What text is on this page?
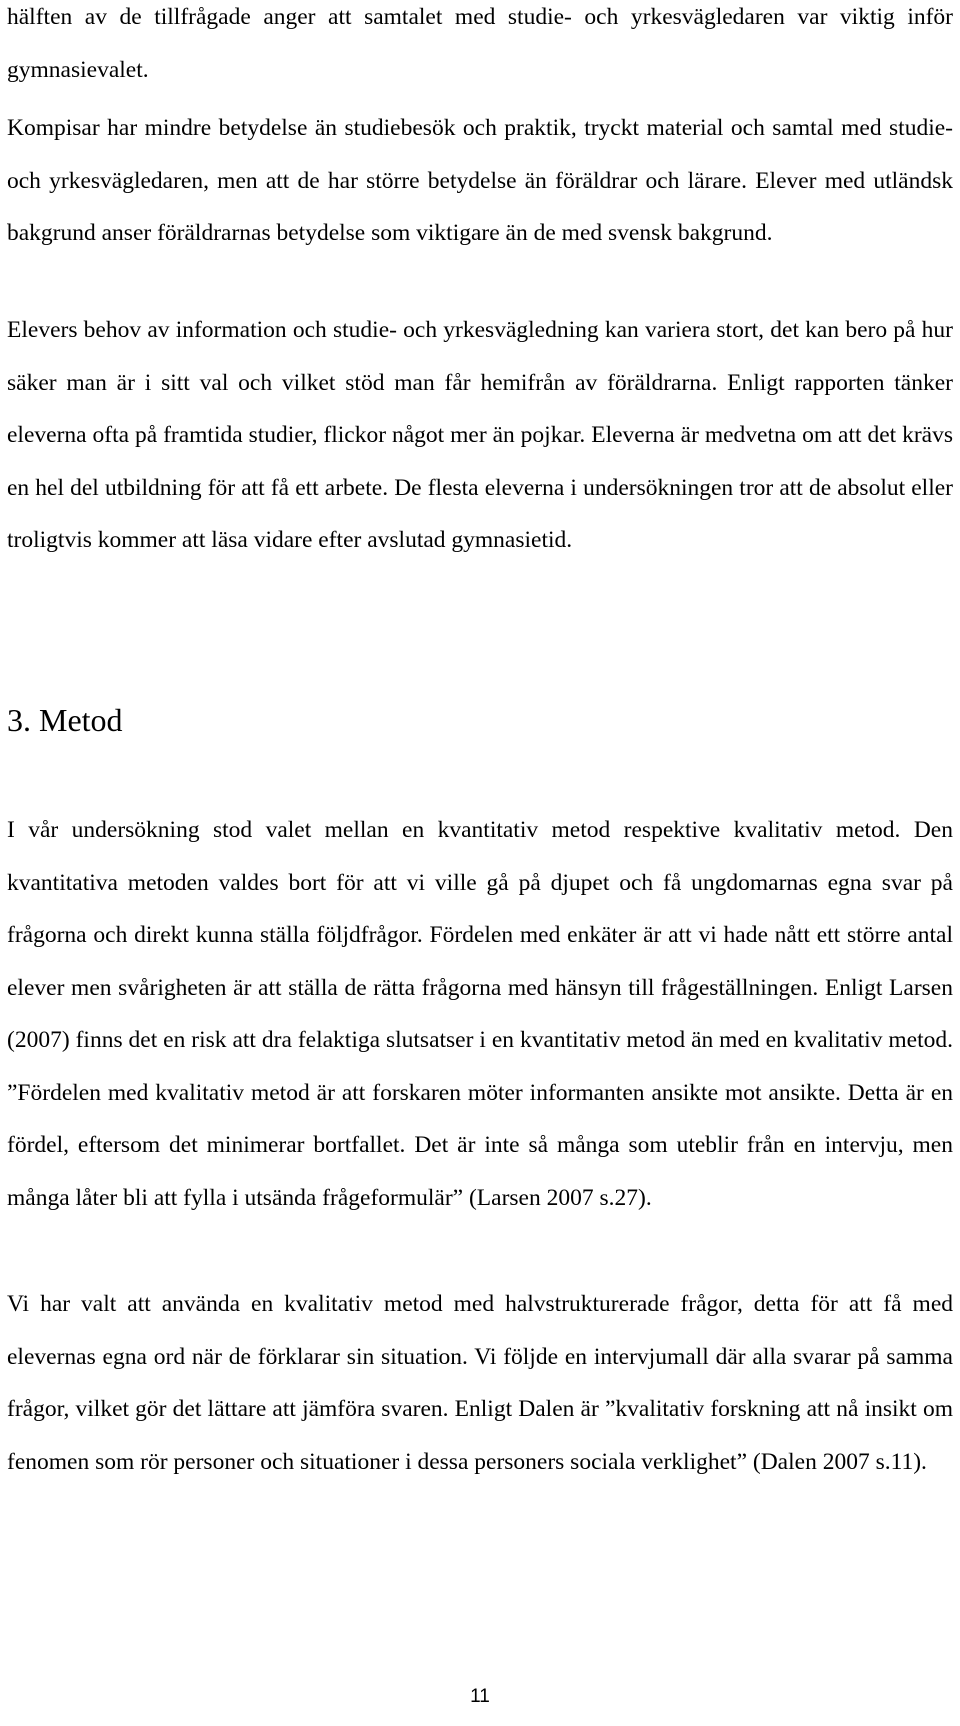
hälften av de tillfrågade anger att samtalet med studie- och yrkesvägledaren var viktig inför gymnasievalet.

Kompisar har mindre betydelse än studiebesök och praktik, tryckt material och samtal med studie- och yrkesvägledaren, men att de har större betydelse än föräldrar och lärare. Elever med utländsk bakgrund anser föräldrarnas betydelse som viktigare än de med svensk bakgrund.

Elevers behov av information och studie- och yrkesvägledning kan variera stort, det kan bero på hur säker man är i sitt val och vilket stöd man får hemifrån av föräldrarna. Enligt rapporten tänker eleverna ofta på framtida studier, flickor något mer än pojkar. Eleverna är medvetna om att det krävs en hel del utbildning för att få ett arbete. De flesta eleverna i undersökningen tror att de absolut eller troligtvis kommer att läsa vidare efter avslutad gymnasietid.

3. Metod

I vår undersökning stod valet mellan en kvantitativ metod respektive kvalitativ metod. Den kvantitativa metoden valdes bort för att vi ville gå på djupet och få ungdomarnas egna svar på frågorna och direkt kunna ställa följdfrågor. Fördelen med enkäter är att vi hade nått ett större antal elever men svårigheten är att ställa de rätta frågorna med hänsyn till frågeställningen. Enligt Larsen (2007) finns det en risk att dra felaktiga slutsatser i en kvantitativ metod än med en kvalitativ metod. ”Fördelen med kvalitativ metod är att forskaren möter informanten ansikte mot ansikte. Detta är en fördel, eftersom det minimerar bortfallet. Det är inte så många som uteblir från en intervju, men många låter bli att fylla i utsända frågeformulär” (Larsen 2007 s.27).

Vi har valt att använda en kvalitativ metod med halvstrukturerade frågor, detta för att få med elevernas egna ord när de förklarar sin situation. Vi följde en intervjumall där alla svarar på samma frågor, vilket gör det lättare att jämföra svaren. Enligt Dalen är ”kvalitativ forskning att nå insikt om fenomen som rör personer och situationer i dessa personers sociala verklighet” (Dalen 2007 s.11).

11
